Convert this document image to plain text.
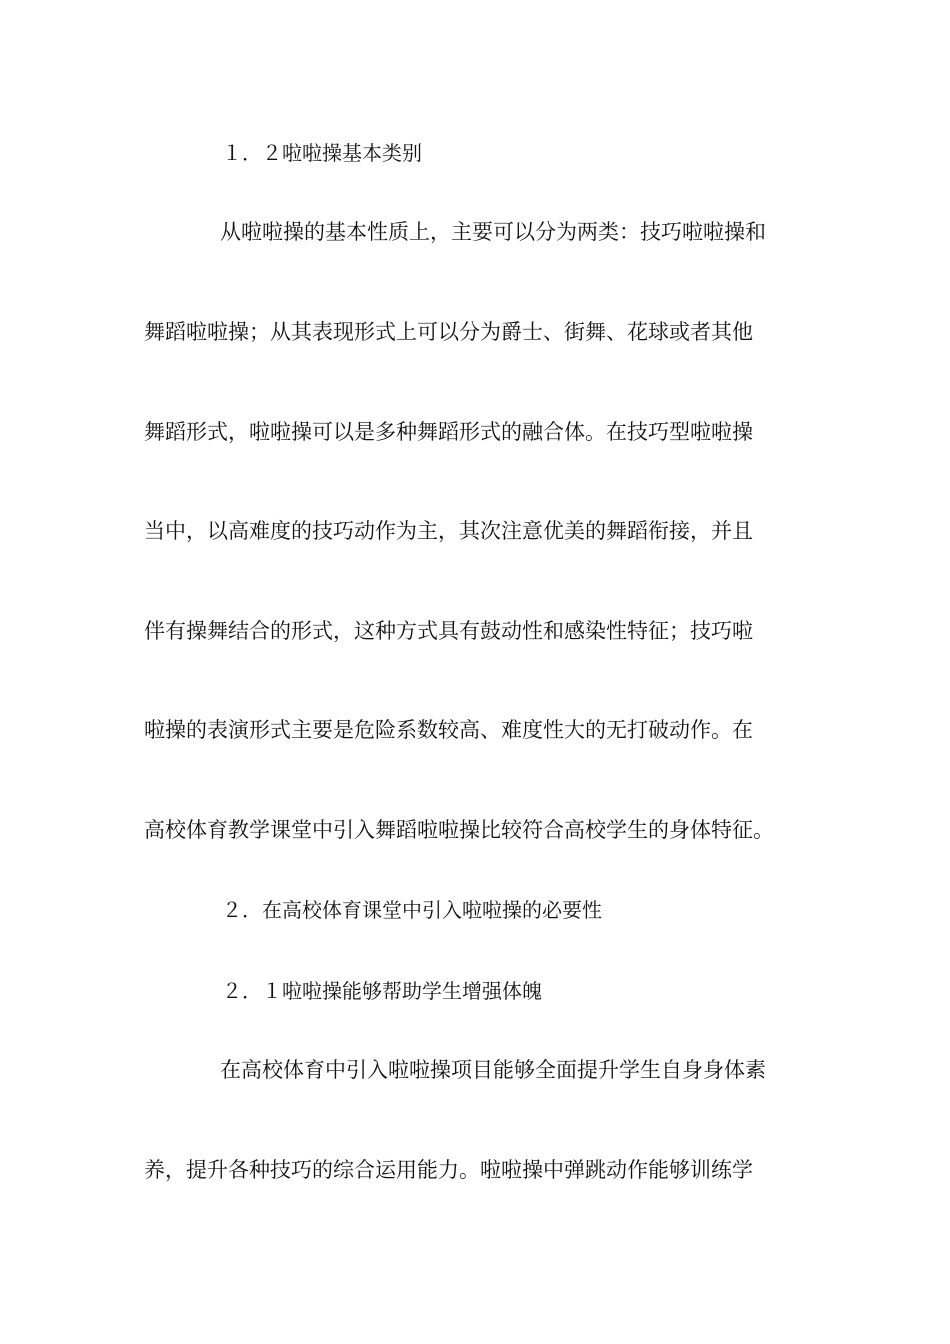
１．２啦啦操基本类别
从啦啦操的基本性质上，主要可以分为两类：技巧啦啦操和
舞蹈啦啦操；从其表现形式上可以分为爵士、街舞、花球或者其他
舞蹈形式，啦啦操可以是多种舞蹈形式的融合体。在技巧型啦啦操
当中，以高难度的技巧动作为主，其次注意优美的舞蹈衔接，并且
伴有操舞结合的形式，这种方式具有鼓动性和感染性特征；技巧啦
啦操的表演形式主要是危险系数较高、难度性大的无打破动作。在
高校体育教学课堂中引入舞蹈啦啦操比较符合高校学生的身体特征。
２．在高校体育课堂中引入啦啦操的必要性
２．１啦啦操能够帮助学生增强体魄
在高校体育中引入啦啦操项目能够全面提升学生自身身体素
养，提升各种技巧的综合运用能力。啦啦操中弹跳动作能够训练学
